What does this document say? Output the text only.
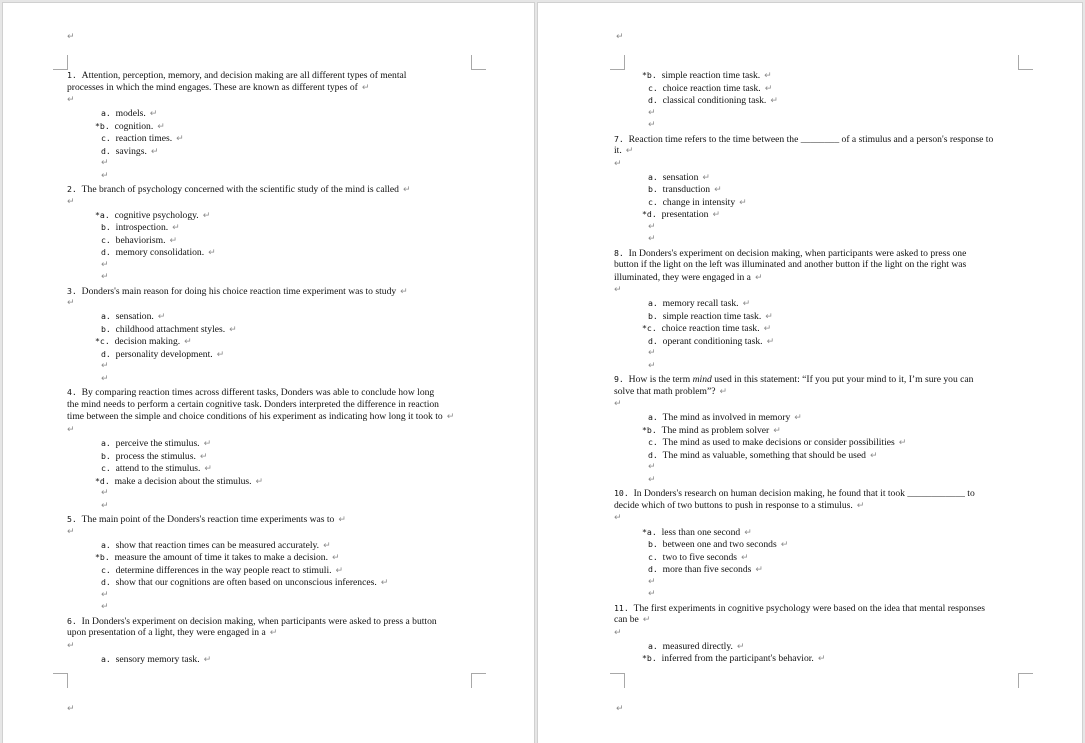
↵
↵
1. Attention, perception, memory, and decision making are all different types of mental
processes in which the mind engages. These are known as different types of ↵
↵
a. models. ↵
*b. cognition. ↵
c. reaction times. ↵
d. savings. ↵
↵
↵
2. The branch of psychology concerned with the scientific study of the mind is called ↵
↵
*a. cognitive psychology. ↵
b. introspection. ↵
c. behaviorism. ↵
d. memory consolidation. ↵
↵
↵
3. Donders's main reason for doing his choice reaction time experiment was to study ↵
↵
a. sensation. ↵
b. childhood attachment styles. ↵
*c. decision making. ↵
d. personality development. ↵
↵
↵
4. By comparing reaction times across different tasks, Donders was able to conclude how long
the mind needs to perform a certain cognitive task. Donders interpreted the difference in reaction
time between the simple and choice conditions of his experiment as indicating how long it took to ↵
↵
a. perceive the stimulus. ↵
b. process the stimulus. ↵
c. attend to the stimulus. ↵
*d. make a decision about the stimulus. ↵
↵
↵
5. The main point of the Donders's reaction time experiments was to ↵
↵
a. show that reaction times can be measured accurately. ↵
*b. measure the amount of time it takes to make a decision. ↵
c. determine differences in the way people react to stimuli. ↵
d. show that our cognitions are often based on unconscious inferences. ↵
↵
↵
6. In Donders's experiment on decision making, when participants were asked to press a button
upon presentation of a light, they were engaged in a ↵
↵
a. sensory memory task. ↵
↵
↵
*b. simple reaction time task. ↵
c. choice reaction time task. ↵
d. classical conditioning task. ↵
↵
↵
7. Reaction time refers to the time between the ________ of a stimulus and a person's response to
it. ↵
↵
a. sensation ↵
b. transduction ↵
c. change in intensity ↵
*d. presentation ↵
↵
↵
8. In Donders's experiment on decision making, when participants were asked to press one
button if the light on the left was illuminated and another button if the light on the right was
illuminated, they were engaged in a ↵
↵
a. memory recall task. ↵
b. simple reaction time task. ↵
*c. choice reaction time task. ↵
d. operant conditioning task. ↵
↵
↵
9. How is the term mind used in this statement: “If you put your mind to it, I’m sure you can
solve that math problem”? ↵
↵
a. The mind as involved in memory ↵
*b. The mind as problem solver ↵
c. The mind as used to make decisions or consider possibilities ↵
d. The mind as valuable, something that should be used ↵
↵
↵
10. In Donders's research on human decision making, he found that it took ____________ to
decide which of two buttons to push in response to a stimulus. ↵
↵
*a. less than one second ↵
b. between one and two seconds ↵
c. two to five seconds ↵
d. more than five seconds ↵
↵
↵
11. The first experiments in cognitive psychology were based on the idea that mental responses
can be ↵
↵
a. measured directly. ↵
*b. inferred from the participant's behavior. ↵
